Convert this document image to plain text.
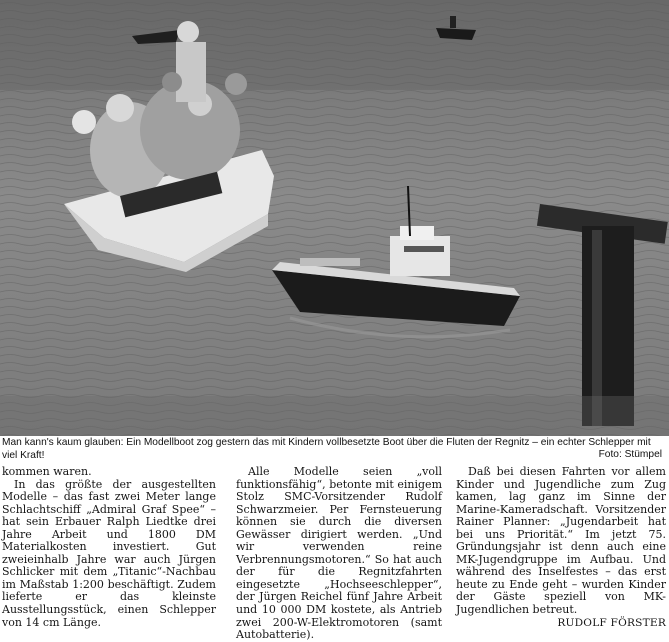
Man kann's kaum glauben: Ein Modellboot zog gestern das mit Kindern vollbesetzte Boot über die Fluten der Regnitz – ein echter Schlepper mit viel Kraft!	Foto: Stümpel

kommen waren.

In das größte der ausgestellten Modelle – das fast zwei Meter lange Schlachtschiff „Admiral Graf Spee“ – hat sein Erbauer Ralph Liedtke drei Jahre Arbeit und 1800 DM Materialkosten investiert. Gut zweieinhalb Jahre war auch Jürgen Schlicker mit dem „Titanic“-Nachbau im Maßstab 1:200 beschäftigt. Zudem lieferte er das kleinste Ausstellungsstück, einen Schlepper von 14 cm Länge.

Alle Modelle seien „voll funktionsfähig“, betonte mit einigem Stolz SMC-Vorsitzender Rudolf Schwarzmeier. Per Fernsteuerung können sie durch die diversen Gewässer dirigiert werden. „Und wir verwenden reine Verbrennungsmotoren.“ So hat auch der für die Regnitzfahrten eingesetzte „Hochseeschlepper“, der Jürgen Reichel fünf Jahre Arbeit und 10 000 DM kostete, als Antrieb zwei 200-W-Elektromotoren (samt Autobatterie).

Daß bei diesen Fahrten vor allem Kinder und Jugendliche zum Zug kamen, lag ganz im Sinne der Marine-Kameradschaft. Vorsitzender Rainer Planner: „Jugendarbeit hat bei uns Priorität.“ Im jetzt 75. Gründungsjahr ist denn auch eine MK-Jugendgruppe im Aufbau. Und während des Inselfestes – das erst heute zu Ende geht – wurden Kinder der Gäste speziell von MK-Jugendlichen betreut.

RUDOLF FÖRSTER
